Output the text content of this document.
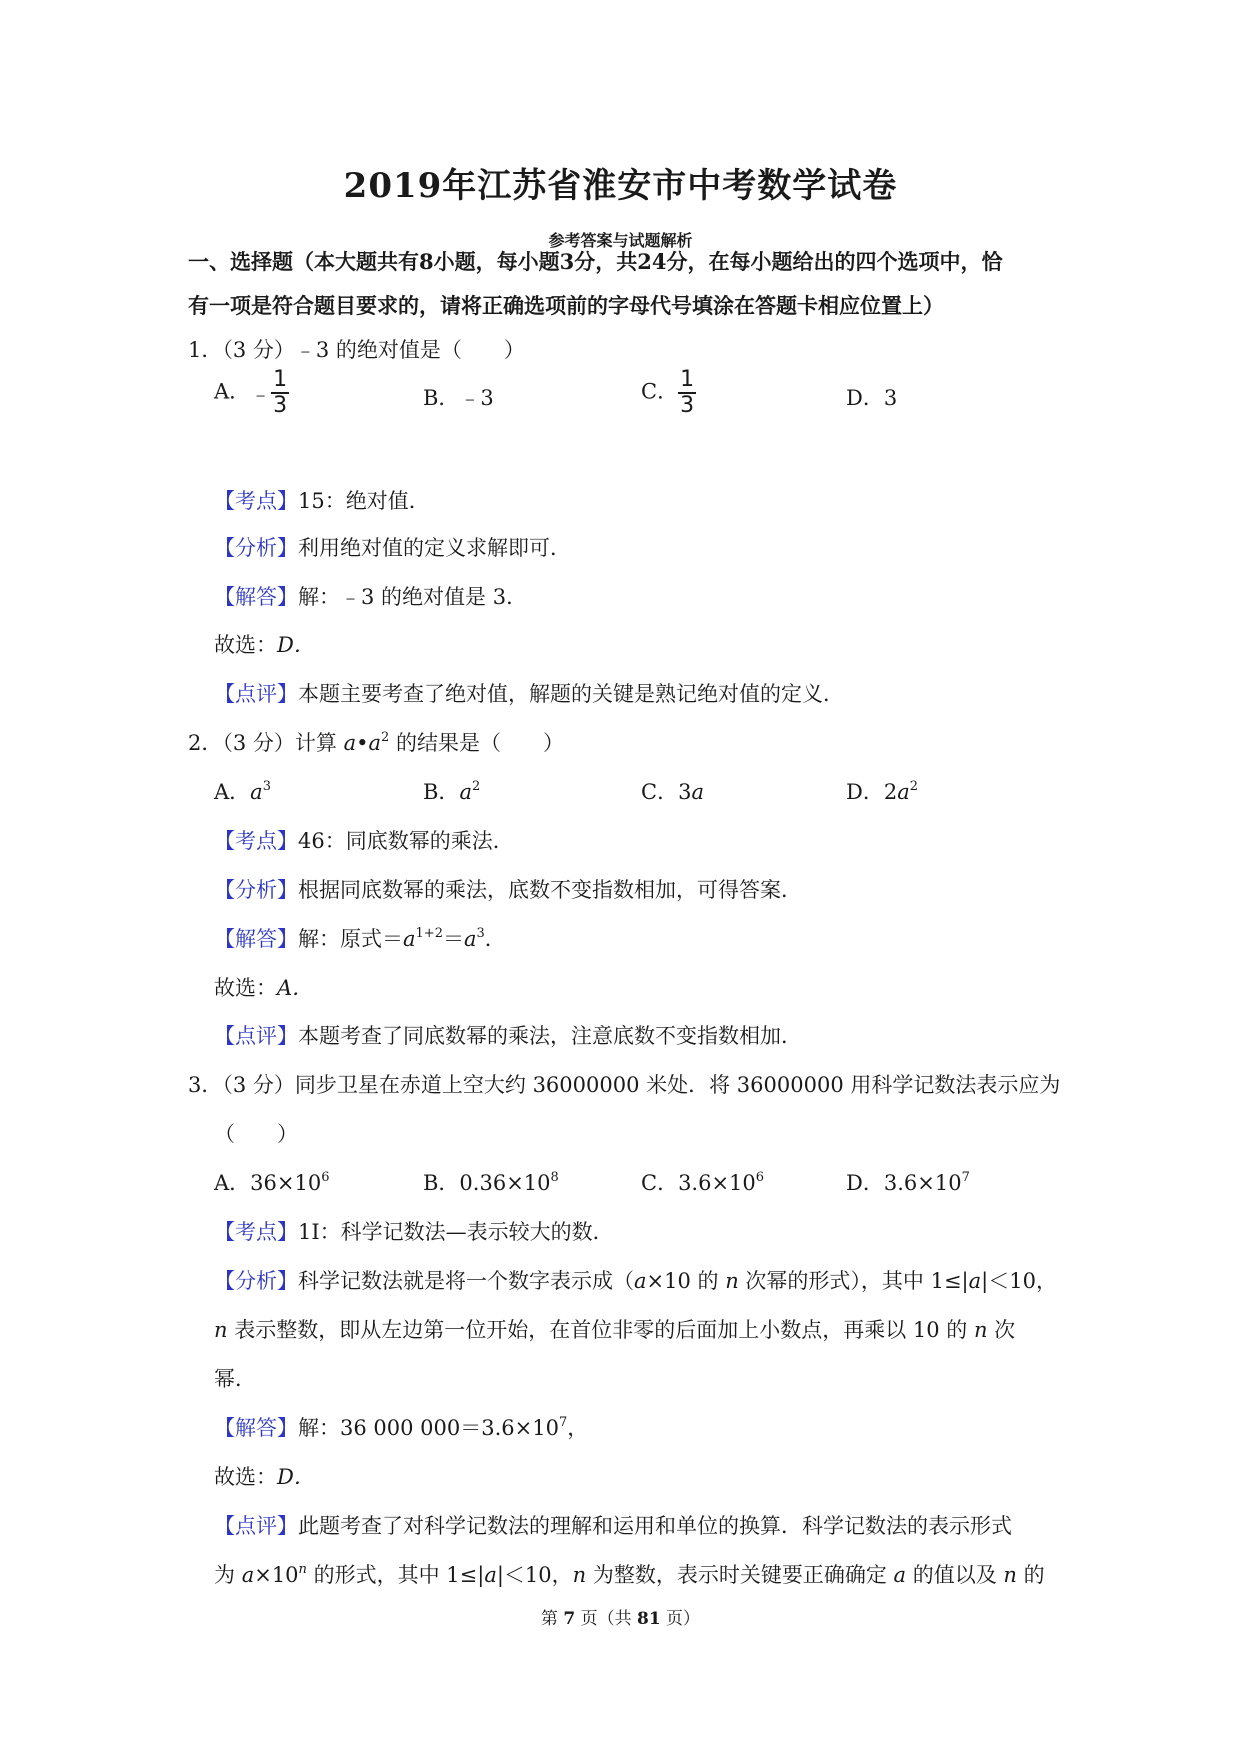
2019年江苏省淮安市中考数学试卷
参考答案与试题解析
一、选择题（本大题共有8小题，每小题3分，共24分，在每小题给出的四个选项中，恰
有一项是符合题目要求的，请将正确选项前的字母代号填涂在答题卡相应位置上）
1．（3 分）﹣3 的绝对值是（　　）
A．﹣ $\frac{1}{3}$	B．﹣3	C． $\frac{1}{3}$	D．3
【考点】15：绝对值．
【分析】利用绝对值的定义求解即可．
【解答】解：﹣3 的绝对值是 3．
故选：D．
【点评】本题主要考查了绝对值，解题的关键是熟记绝对值的定义．
2．（3 分）计算 $a•a^2$ 的结果是（　　）
A．$a^3$	B．$a^2$	C．3a	D．$2a^2$
【考点】46：同底数幂的乘法．
【分析】根据同底数幂的乘法，底数不变指数相加，可得答案．
【解答】解：原式$=a^{1+2}=a^3$．
故选：A．
【点评】本题考查了同底数幂的乘法，注意底数不变指数相加．
3．（3 分）同步卫星在赤道上空大约 36000000 米处．将 36000000 用科学记数法表示应为
（　　）
A．$36\times 10^6$	B．$0.36\times 10^8$	C．$3.6\times 10^6$	D．$3.6\times 10^7$
【考点】1I：科学记数法—表示较大的数．
【分析】科学记数法就是将一个数字表示成（a×10 的 n 次幂的形式），其中 1≤|a|＜10，
n 表示整数，即从左边第一位开始，在首位非零的后面加上小数点，再乘以 10 的 n 次
幂．
【解答】解：36 000 $000=3.6\times 10^7$，
故选：D．
【点评】此题考查了对科学记数法的理解和运用和单位的换算．科学记数法的表示形式
为 $a\times 10^n$ 的形式，其中 1≤|a|＜10，n 为整数，表示时关键要正确确定 a 的值以及 n 的
第 7 页（共 81 页）
